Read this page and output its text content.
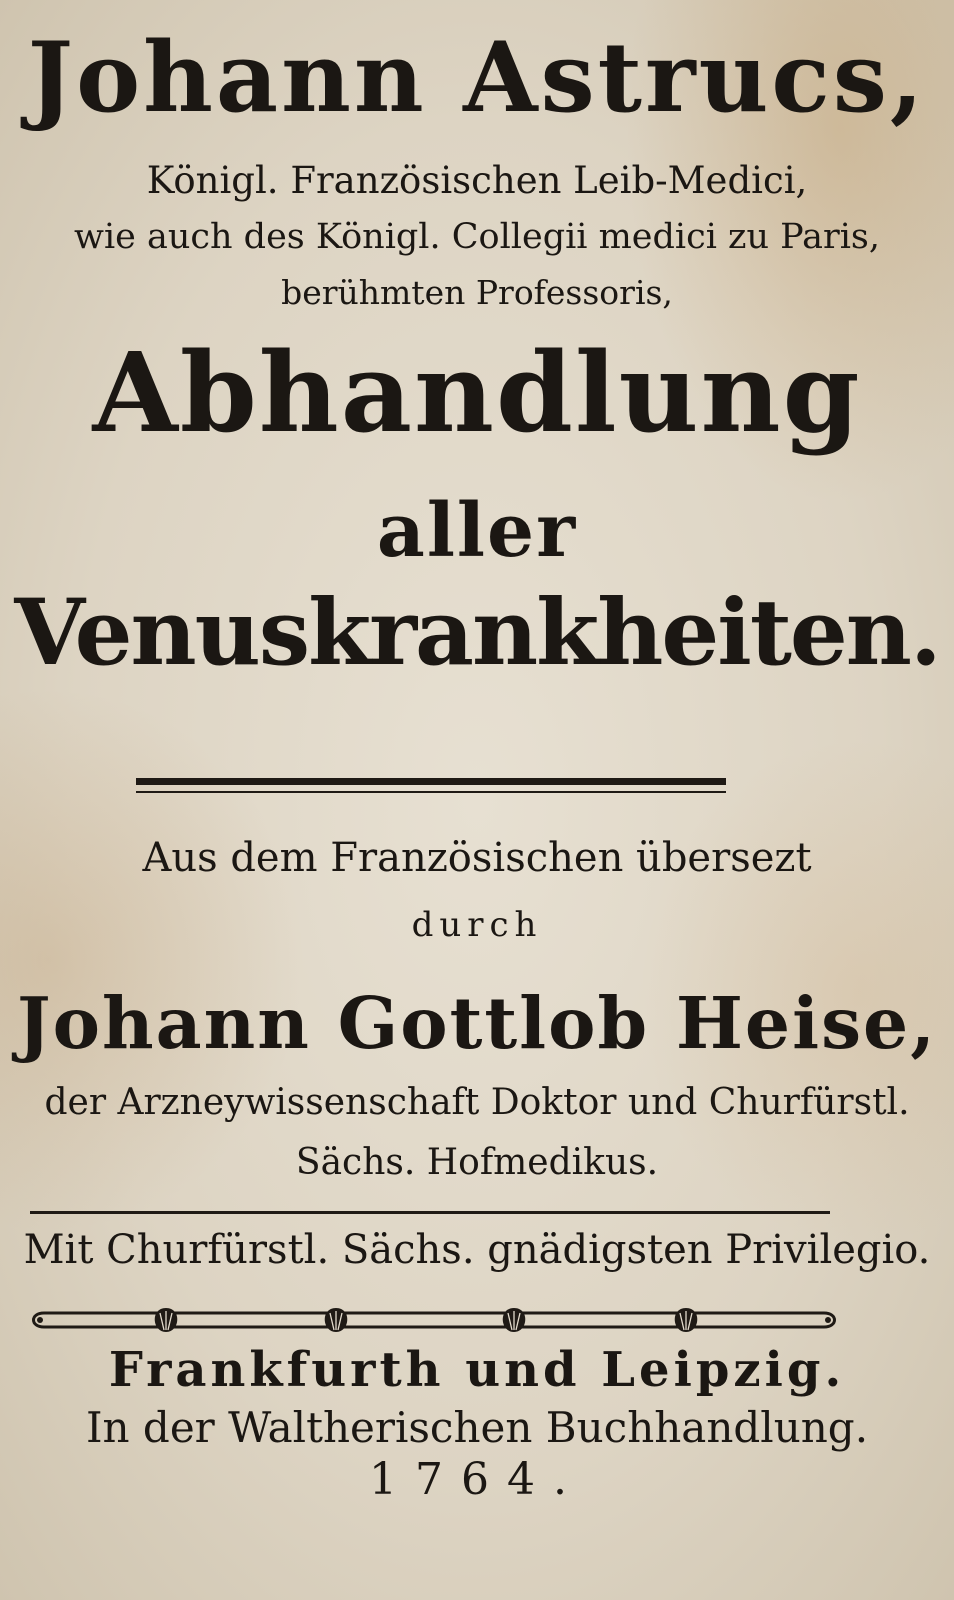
Johann Astrucs,
Königl. Französischen Leib-Medici,
wie auch des Königl. Collegii medici zu Paris,
berühmten Professoris,
Abhandlung
aller
Venuskrankheiten.
Aus dem Französischen übersezt
durch
Johann Gottlob Heise,
der Arzneywissenschaft Doktor und Churfürstl.
Sächs. Hofmedikus.
Mit Churfürstl. Sächs. gnädigsten Privilegio.
Frankfurth und Leipzig.
In der Waltherischen Buchhandlung.
1764.
